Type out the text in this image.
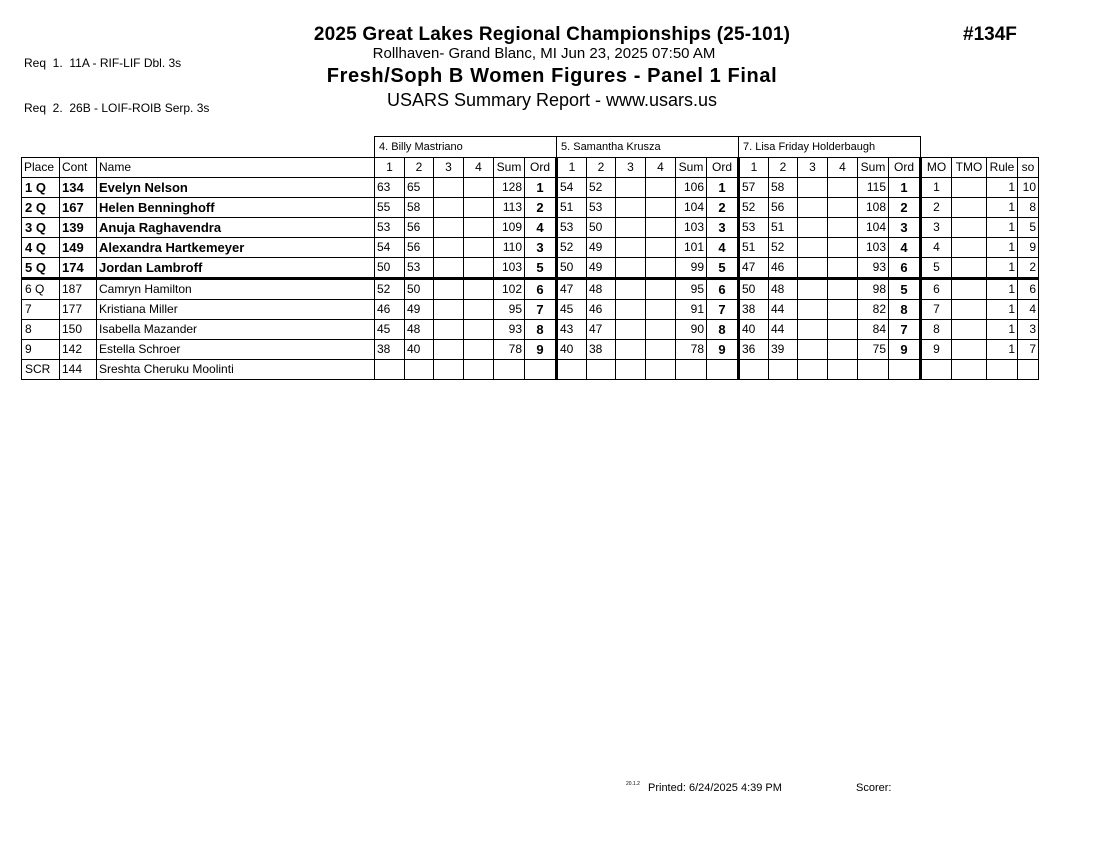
Req  1.  11A - RIF-LIF Dbl. 3s

Req  2.  26B - LOIF-ROIB Serp. 3s

2025 Great Lakes Regional Championships (25-101)
Rollhaven- Grand Blanc, MI Jun 23, 2025 07:50 AM
Fresh/Soph B Women Figures - Panel 1 Final
USARS Summary Report - www.usars.us
#134F
			4. Billy Mastriano						5. Samantha Krusza						7. Lisa Friday Holderbaugh									
Place	Cont	Name	1	2	3	4	Sum	Ord	1	2	3	4	Sum	Ord	1	2	3	4	Sum	Ord	MO	TMO	Rule	so
1 Q	134	Evelyn Nelson	63	65			128	1	54	52			106	1	57	58			115	1	1		1	10
2 Q	167	Helen Benninghoff	55	58			113	2	51	53			104	2	52	56			108	2	2		1	8
3 Q	139	Anuja Raghavendra	53	56			109	4	53	50			103	3	53	51			104	3	3		1	5
4 Q	149	Alexandra Hartkemeyer	54	56			110	3	52	49			101	4	51	52			103	4	4		1	9
5 Q	174	Jordan Lambroff	50	53			103	5	50	49			99	5	47	46			93	6	5		1	2
6 Q	187	Camryn Hamilton	52	50			102	6	47	48			95	6	50	48			98	5	6		1	6
7	177	Kristiana Miller	46	49			95	7	45	46			91	7	38	44			82	8	7		1	4
8	150	Isabella Mazander	45	48			93	8	43	47			90	8	40	44			84	7	8		1	3
9	142	Estella Schroer	38	40			78	9	40	38			78	9	36	39			75	9	9		1	7
SCR	144	Sreshta Cheruku Moolinti																						
20.1.2 Printed: 6/24/2025 4:39 PM	Scorer:
